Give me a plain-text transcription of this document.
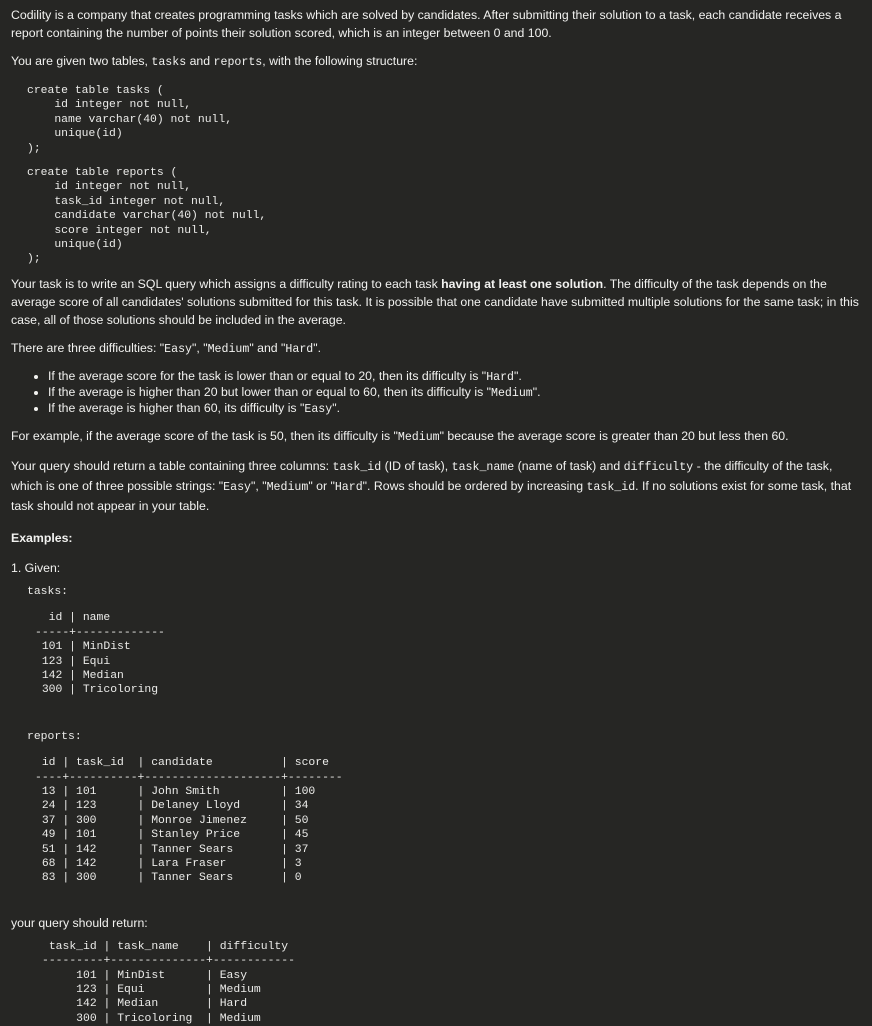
Codility is a company that creates programming tasks which are solved by candidates. After submitting their solution to a task, each candidate receives a report containing the number of points their solution scored, which is an integer between 0 and 100.

You are given two tables, tasks and reports, with the following structure:

create table tasks (
id integer not null,
name varchar(40) not null,
unique(id)
);
create table reports (
id integer not null,
task_id integer not null,
candidate varchar(40) not null,
score integer not null,
unique(id)
);

Your task is to write an SQL query which assigns a difficulty rating to each task having at least one solution. The difficulty of the task depends on the average score of all candidates' solutions submitted for this task. It is possible that one candidate have submitted multiple solutions for the same task; in this case, all of those solutions should be included in the average.

There are three difficulties: "Easy", "Medium" and "Hard".

• If the average score for the task is lower than or equal to 20, then its difficulty is "Hard".
• If the average is higher than 20 but lower than or equal to 60, then its difficulty is "Medium".
• If the average is higher than 60, its difficulty is "Easy".

For example, if the average score of the task is 50, then its difficulty is "Medium" because the average score is greater than 20 but less then 60.

Your query should return a table containing three columns: task_id (ID of task), task_name (name of task) and difficulty - the difficulty of the task, which is one of three possible strings: "Easy", "Medium" or "Hard". Rows should be ordered by increasing task_id. If no solutions exist for some task, that task should not appear in your table.

Examples:

1. Given:

tasks:
id | name
-----+-------------
101 | MinDist
123 | Equi
142 | Median
300 | Tricoloring
reports:
id | task_id  | candidate          | score
----+----------+--------------------+--------
13 | 101      | John Smith         | 100
24 | 123      | Delaney Lloyd      | 34
37 | 300      | Monroe Jimenez     | 50
49 | 101      | Stanley Price      | 45
51 | 142      | Tanner Sears       | 37
68 | 142      | Lara Fraser        | 3
83 | 300      | Tanner Sears       | 0

your query should return:

task_id | task_name    | difficulty
---------+--------------+------------
101 | MinDist      | Easy
123 | Equi         | Medium
142 | Median       | Hard
300 | Tricoloring  | Medium
